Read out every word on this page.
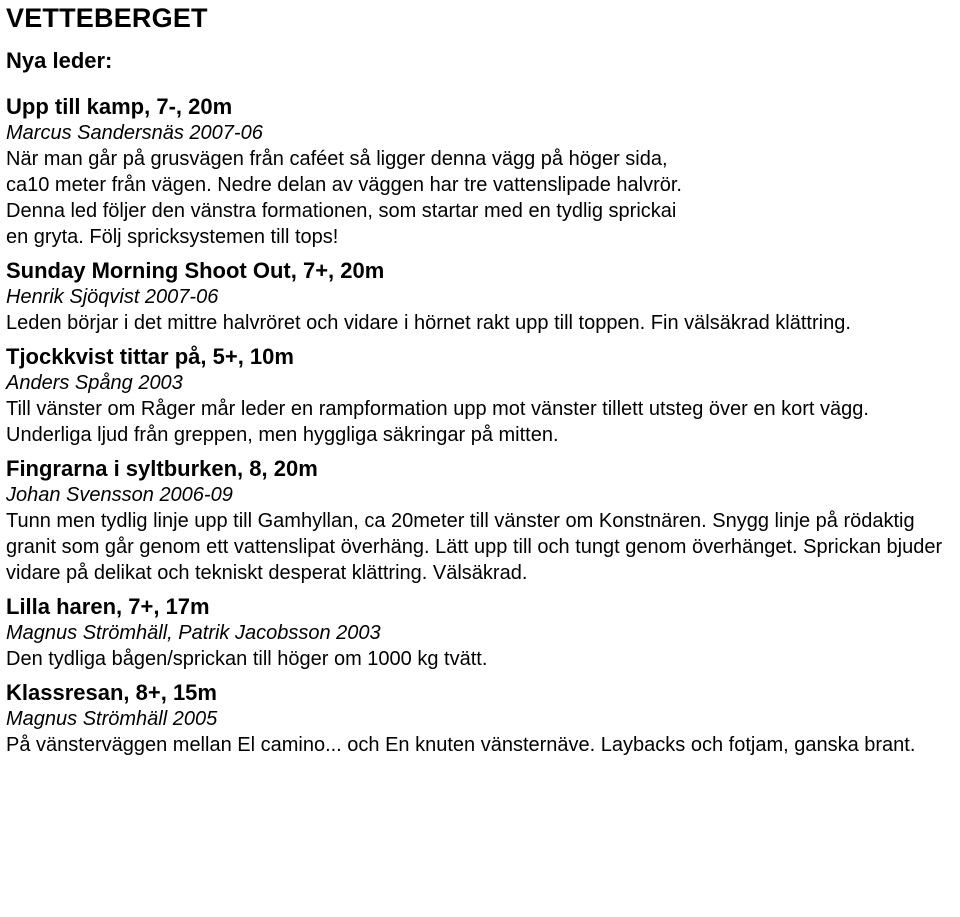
VETTEBERGET
Nya leder:

Upp till kamp, 7-, 20m

Marcus Sandersnäs 2007-06

När man går på grusvägen från caféet så ligger denna vägg på höger sida, ca10 meter från vägen. Nedre delan av väggen har tre vattenslipade halvrör. Denna led följer den vänstra formationen, som startar med en tydlig sprickai en gryta. Följ spricksystemen till tops!

Sunday Morning Shoot Out, 7+, 20m

Henrik Sjöqvist 2007-06

Leden börjar i det mittre halvröret och vidare i hörnet rakt upp till toppen. Fin välsäkrad klättring.

Tjockkvist tittar på, 5+, 10m

Anders Spång 2003

Till vänster om Råger mår leder en rampformation upp mot vänster tillett utsteg över en kort vägg. Underliga ljud från greppen, men hyggliga säkringar på mitten.

Fingrarna i syltburken, 8, 20m

Johan Svensson 2006-09

Tunn men tydlig linje upp till Gamhyllan, ca 20meter till vänster om Konstnären. Snygg linje på rödaktig granit som går genom ett vattenslipat överhäng. Lätt upp till och tungt genom överhänget. Sprickan bjuder vidare på delikat och tekniskt desperat klättring. Välsäkrad.

Lilla haren, 7+, 17m

Magnus Strömhäll, Patrik Jacobsson 2003

Den tydliga bågen/sprickan till höger om 1000 kg tvätt.

Klassresan, 8+, 15m

Magnus Strömhäll 2005

På vänsterväggen mellan El camino... och En knuten vänsternäve. Laybacks och fotjam, ganska brant.
